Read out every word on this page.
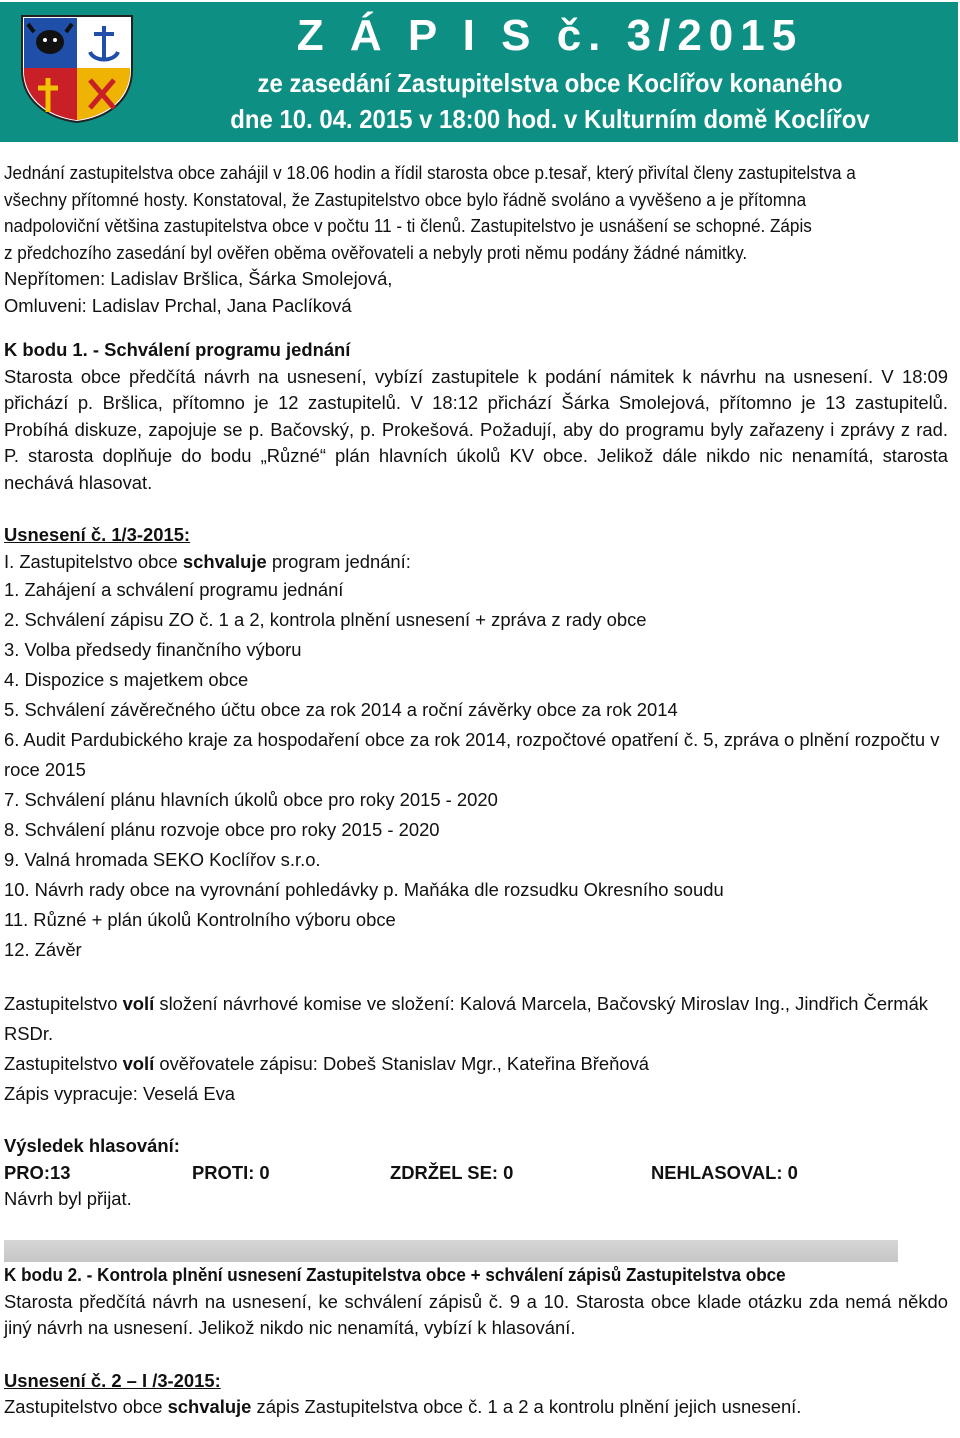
Z Á P I S č. 3/2015
ze zasedání Zastupitelstva obce Koclířov konaného
dne 10. 04. 2015 v 18:00 hod. v Kulturním domě Koclířov

Jednání zastupitelstva obce zahájil v 18.06 hodin a řídil starosta obce p.tesař, který přivítal členy zastupitelstva a

všechny přítomné hosty. Konstatoval, že Zastupitelstvo obce bylo řádně svoláno a vyvěšeno a je přítomna

nadpoloviční většina zastupitelstva obce v počtu 11 - ti členů. Zastupitelstvo je usnášení se schopné. Zápis

z předchozího zasedání byl ověřen oběma ověřovateli a nebyly proti němu podány žádné námitky.

Nepřítomen: Ladislav Bršlica, Šárka Smolejová,

Omluveni: Ladislav Prchal, Jana Paclíková

K bodu 1. - Schválení programu jednání

Starosta obce předčítá návrh na usnesení, vybízí zastupitele k podání námitek k návrhu na usnesení. V 18:09 přichází p. Bršlica, přítomno je 12 zastupitelů. V 18:12 přichází Šárka Smolejová, přítomno je 13 zastupitelů. Probíhá diskuze, zapojuje se p. Bačovský, p. Prokešová. Požadují, aby do programu byly zařazeny i zprávy z rad. P. starosta doplňuje do bodu „Různé“ plán hlavních úkolů KV obce. Jelikož dále nikdo nic nenamítá, starosta nechává hlasovat.

Usnesení č. 1/3-2015:

I. Zastupitelstvo obce schvaluje program jednání:

1. Zahájení a schválení programu jednání

2. Schválení zápisu ZO č. 1 a 2, kontrola plnění usnesení + zpráva z rady obce

3. Volba předsedy finančního výboru

4. Dispozice s majetkem obce

5. Schválení závěrečného účtu obce za rok 2014 a roční závěrky obce za rok 2014

6. Audit Pardubického kraje za hospodaření obce za rok 2014, rozpočtové opatření č. 5, zpráva o plnění rozpočtu v roce 2015

7. Schválení plánu hlavních úkolů obce pro roky 2015 - 2020

8. Schválení plánu rozvoje obce pro roky 2015 - 2020

9. Valná hromada SEKO Koclířov s.r.o.

10. Návrh rady obce na vyrovnání pohledávky p. Maňáka dle rozsudku Okresního soudu

11. Různé + plán úkolů Kontrolního výboru obce

12. Závěr

Zastupitelstvo volí složení návrhové komise ve složení: Kalová Marcela, Bačovský Miroslav Ing., Jindřich Čermák RSDr.

Zastupitelstvo volí ověřovatele zápisu: Dobeš Stanislav Mgr., Kateřina Břeňová

Zápis vypracuje: Veselá Eva

Výsledek hlasování:

PRO:13	PROTI: 0	ZDRŽEL SE: 0	NEHLASOVAL: 0

Návrh byl přijat.

K bodu 2. - Kontrola plnění usnesení Zastupitelstva obce + schválení zápisů Zastupitelstva obce

Starosta předčítá návrh na usnesení, ke schválení zápisů č. 9 a 10. Starosta obce klade otázku zda nemá někdo jiný návrh na usnesení. Jelikož nikdo nic nenamítá, vybízí k hlasování.

Usnesení č. 2 – I /3-2015:

Zastupitelstvo obce schvaluje zápis Zastupitelstva obce č. 1 a 2 a kontrolu plnění jejich usnesení.
